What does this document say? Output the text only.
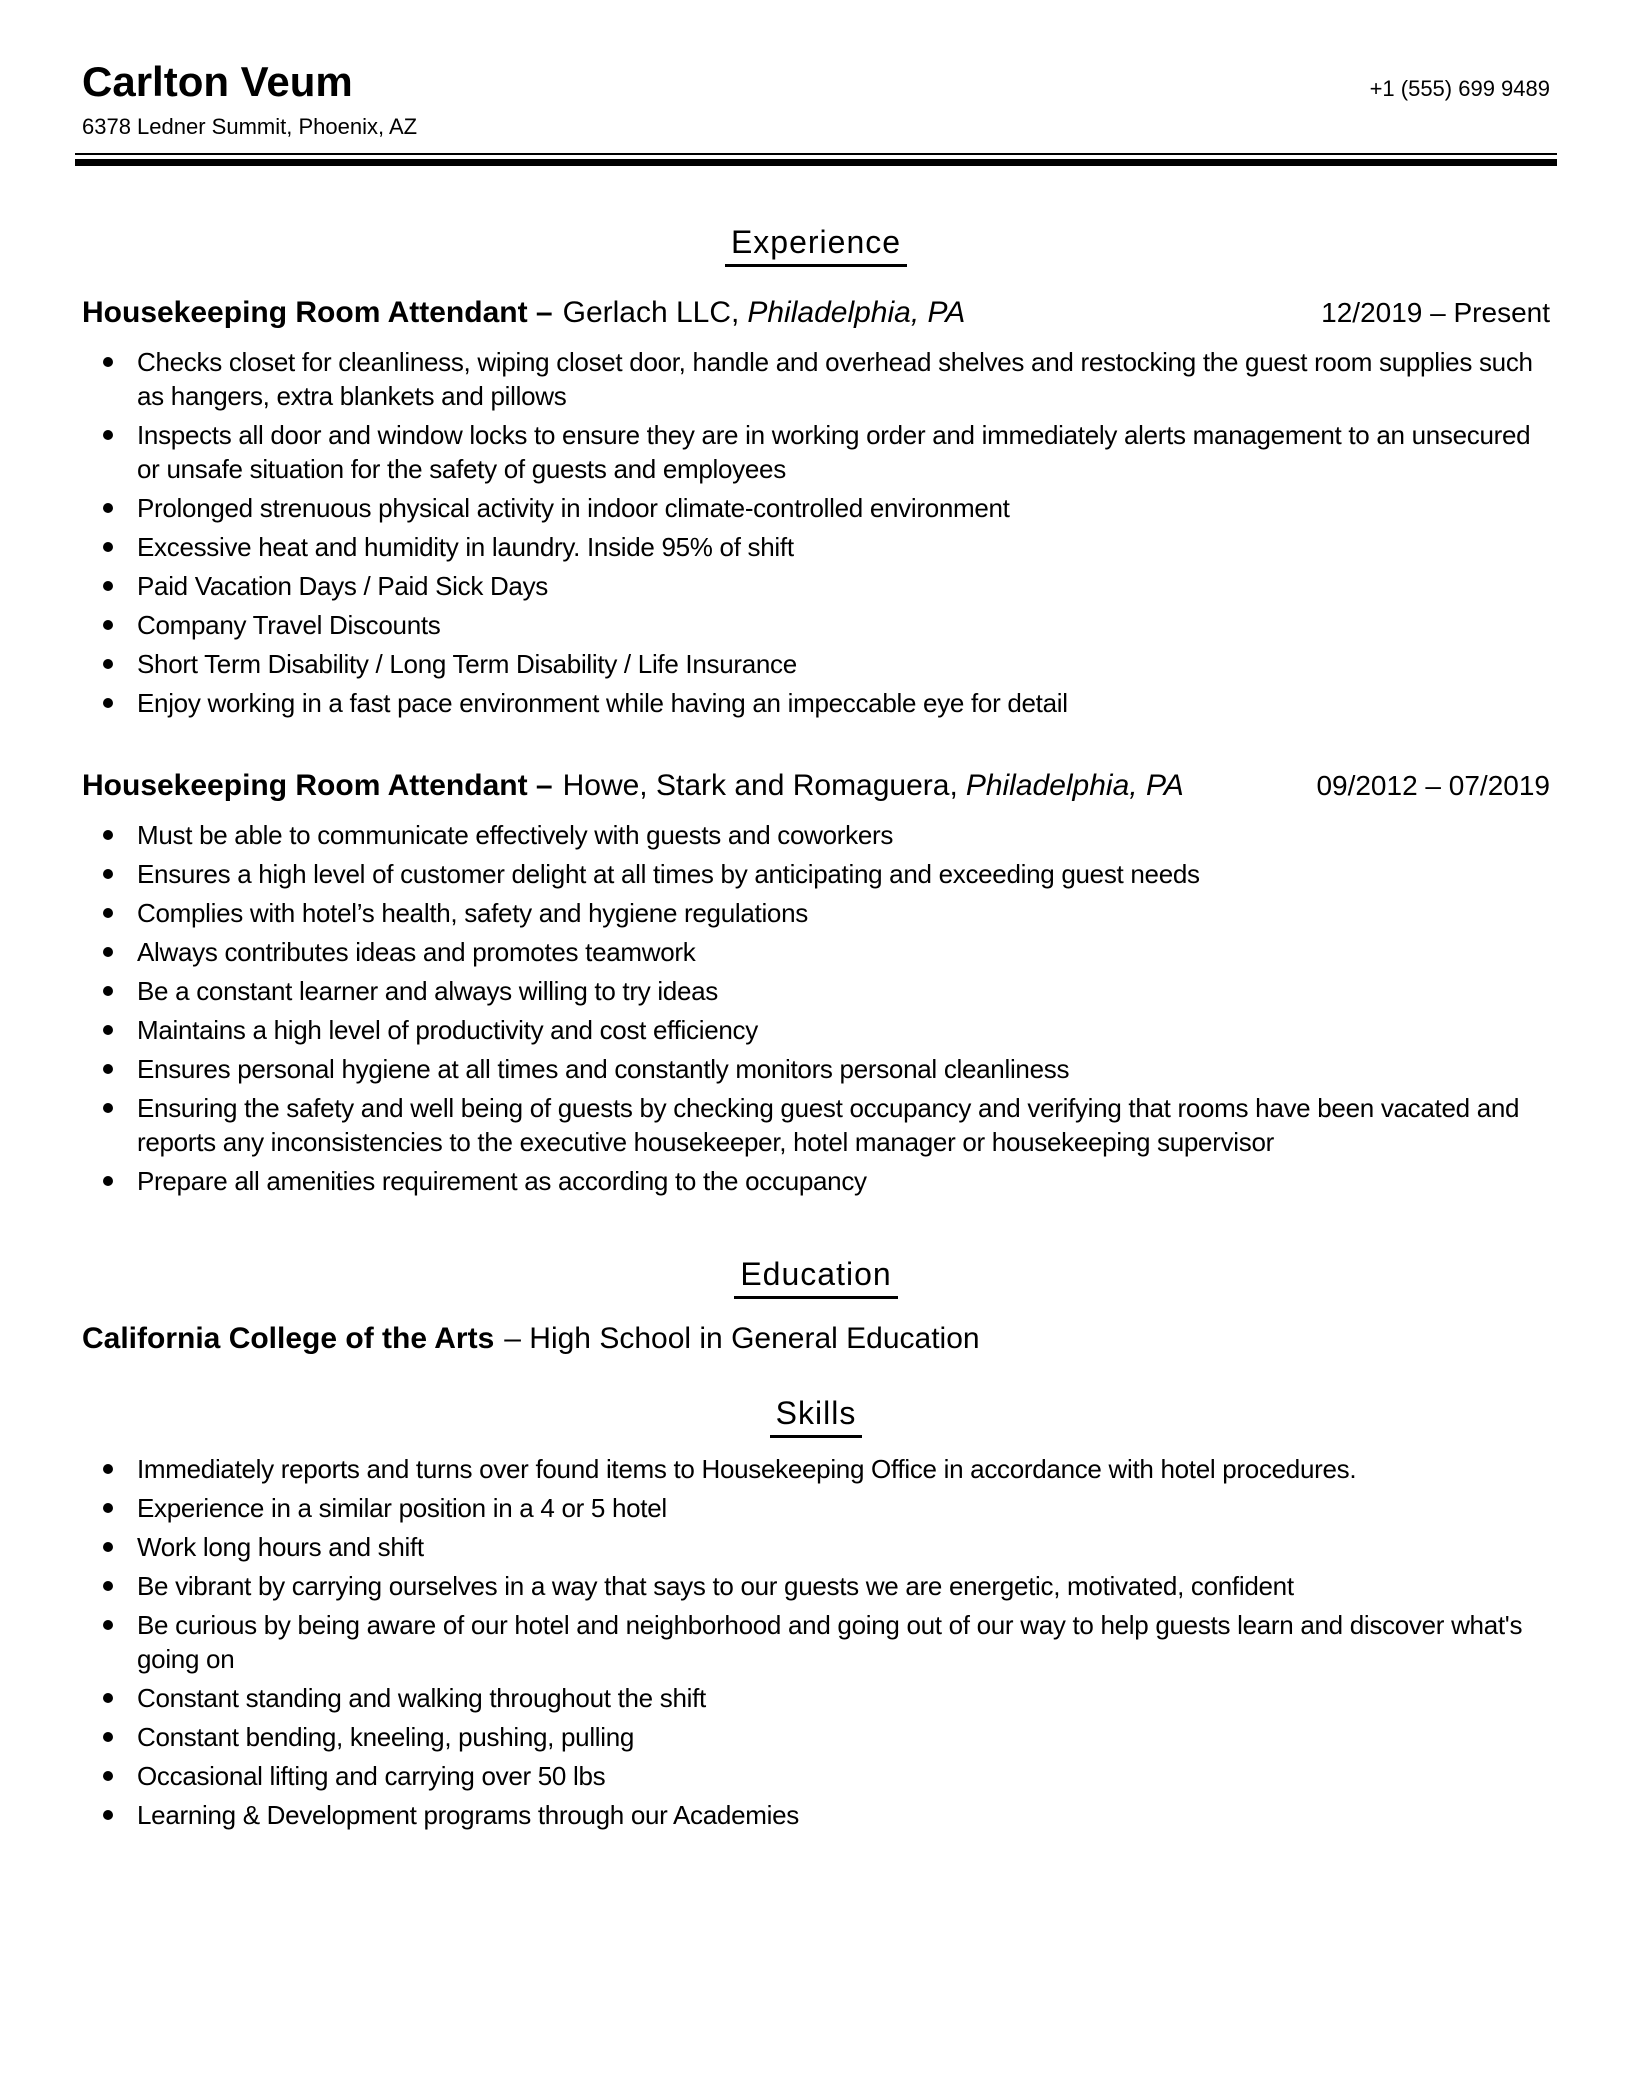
Carlton Veum	+1 (555) 699 9489
6378 Ledner Summit, Phoenix, AZ
Experience
Housekeeping Room Attendant – Gerlach LLC, Philadelphia, PA	12/2019 – Present
Checks closet for cleanliness, wiping closet door, handle and overhead shelves and restocking the guest room supplies such as hangers, extra blankets and pillows
Inspects all door and window locks to ensure they are in working order and immediately alerts management to an unsecured or unsafe situation for the safety of guests and employees
Prolonged strenuous physical activity in indoor climate-controlled environment
Excessive heat and humidity in laundry. Inside 95% of shift
Paid Vacation Days / Paid Sick Days
Company Travel Discounts
Short Term Disability / Long Term Disability / Life Insurance
Enjoy working in a fast pace environment while having an impeccable eye for detail
Housekeeping Room Attendant – Howe, Stark and Romaguera, Philadelphia, PA	09/2012 – 07/2019
Must be able to communicate effectively with guests and coworkers
Ensures a high level of customer delight at all times by anticipating and exceeding guest needs
Complies with hotel’s health, safety and hygiene regulations
Always contributes ideas and promotes teamwork
Be a constant learner and always willing to try ideas
Maintains a high level of productivity and cost efficiency
Ensures personal hygiene at all times and constantly monitors personal cleanliness
Ensuring the safety and well being of guests by checking guest occupancy and verifying that rooms have been vacated and reports any inconsistencies to the executive housekeeper, hotel manager or housekeeping supervisor
Prepare all amenities requirement as according to the occupancy
Education
California College of the Arts – High School in General Education
Skills
Immediately reports and turns over found items to Housekeeping Office in accordance with hotel procedures.
Experience in a similar position in a 4 or 5 hotel
Work long hours and shift
Be vibrant by carrying ourselves in a way that says to our guests we are energetic, motivated, confident
Be curious by being aware of our hotel and neighborhood and going out of our way to help guests learn and discover what's going on
Constant standing and walking throughout the shift
Constant bending, kneeling, pushing, pulling
Occasional lifting and carrying over 50 lbs
Learning & Development programs through our Academies
